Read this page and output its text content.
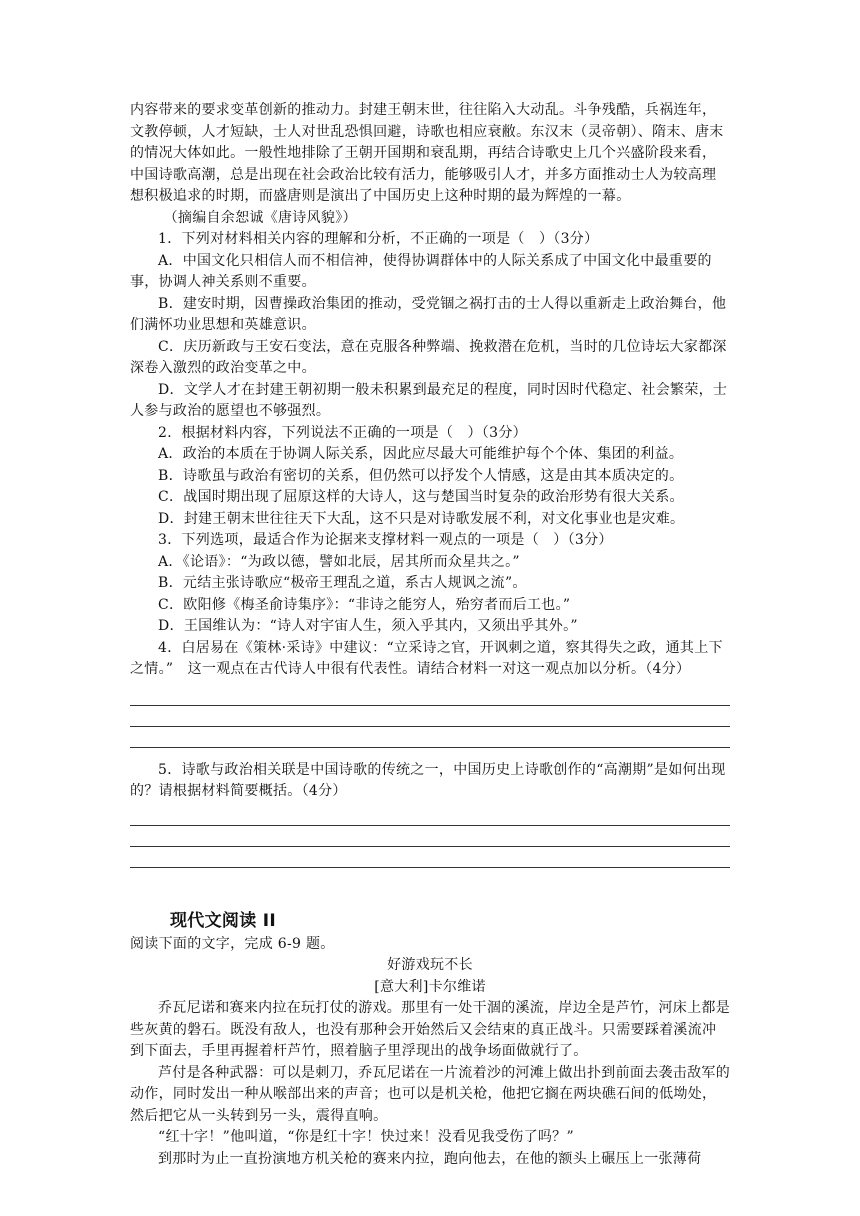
内容带来的要求变革创新的推动力。封建王朝末世，往往陷入大动乱。斗争残酷，兵祸连年，文教停顿，人才短缺，士人对世乱恐惧回避，诗歌也相应衰敝。东汉末（灵帝朝）、隋末、唐末的情况大体如此。一般性地排除了王朝开国期和衰乱期，再结合诗歌史上几个兴盛阶段来看，中国诗歌高潮，总是出现在社会政治比较有活力，能够吸引人才，并多方面推动士人为较高理想积极追求的时期，而盛唐则是演出了中国历史上这种时期的最为辉煌的一幕。

（摘编自余恕诚《唐诗风貌》）

1．下列对材料相关内容的理解和分析，不正确的一项是（　）（3分）

A．中国文化只相信人而不相信神，使得协调群体中的人际关系成了中国文化中最重要的事，协调人神关系则不重要。

B．建安时期，因曹操政治集团的推动，受党锢之祸打击的士人得以重新走上政治舞台，他们满怀功业思想和英雄意识。

C．庆历新政与王安石变法，意在克服各种弊端、挽救潜在危机，当时的几位诗坛大家都深深卷入激烈的政治变革之中。

D．文学人才在封建王朝初期一般未积累到最充足的程度，同时因时代稳定、社会繁荣，士人参与政治的愿望也不够强烈。

2．根据材料内容，下列说法不正确的一项是（　）（3分）

A．政治的本质在于协调人际关系，因此应尽最大可能维护每个个体、集团的利益。

B．诗歌虽与政治有密切的关系，但仍然可以抒发个人情感，这是由其本质决定的。

C．战国时期出现了屈原这样的大诗人，这与楚国当时复杂的政治形势有很大关系。

D．封建王朝末世往往天下大乱，这不只是对诗歌发展不利，对文化事业也是灾难。

3．下列选项，最适合作为论据来支撑材料一观点的一项是（　）（3分）

A．《论语》：“为政以德，譬如北辰，居其所而众星共之。”

B．元结主张诗歌应“极帝王理乱之道，系古人规讽之流”。

C．欧阳修《梅圣俞诗集序》：“非诗之能穷人，殆穷者而后工也。”

D．王国维认为：“诗人对宇宙人生，须入乎其内，又须出乎其外。”

4．白居易在《策林·采诗》中建议：“立采诗之官，开讽刺之道，察其得失之政，通其上下之情。”　这一观点在古代诗人中很有代表性。请结合材料一对这一观点加以分析。（4分）

5．诗歌与政治相关联是中国诗歌的传统之一，中国历史上诗歌创作的“高潮期”是如何出现的？请根据材料简要概括。（4分）

现代文阅读 II

阅读下面的文字，完成 6-9 题。

好游戏玩不长

[意大利]卡尔维诺

乔瓦尼诺和赛来内拉在玩打仗的游戏。那里有一处干涸的溪流，岸边全是芦竹，河床上都是些灰黄的磐石。既没有敌人，也没有那种会开始然后又会结束的真正战斗。只需要踩着溪流冲到下面去，手里再握着杆芦竹，照着脑子里浮现出的战争场面做就行了。

芦付是各种武器：可以是刺刀，乔瓦尼诺在一片流着沙的河滩上做出扑到前面去袭击敌军的动作，同时发出一种从喉部出来的声音；也可以是机关枪，他把它搁在两块礁石间的低坳处，然后把它从一头转到另一头，震得直响。

“红十字！”他叫道，“你是红十字！快过来！没看见我受伤了吗？”

到那时为止一直扮演地方机关枪的赛来内拉，跑向他去，在他的额头上碾压上一张薄荷
